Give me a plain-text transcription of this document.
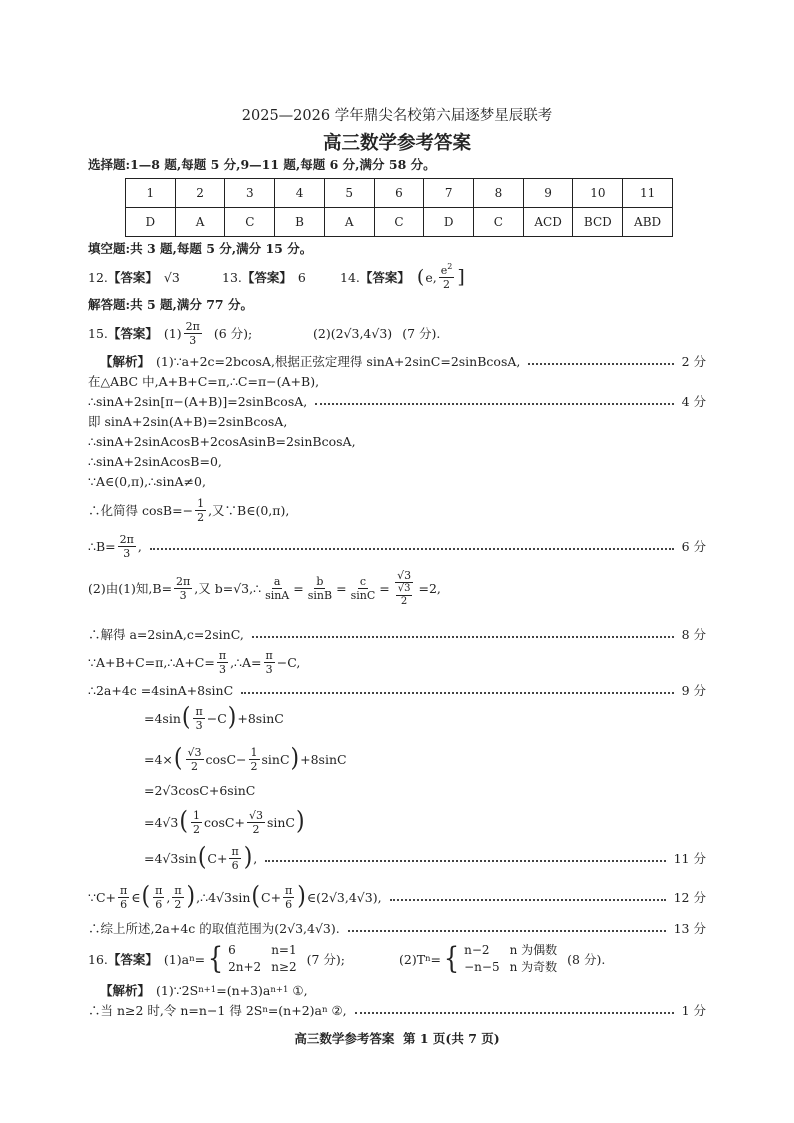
2025—2026 学年鼎尖名校第六届逐梦星辰联考
高三数学参考答案
选择题:1—8 题,每题 5 分,9—11 题,每题 6 分,满分 58 分。
1	2	3	4	5	6	7	8	9	10	11
D	A	C	B	A	C	D	C	ACD	BCD	ABD
填空题:共 3 题,每题 5 分,满分 15 分。
12. 【答案】 √3	13. 【答案】 6	14. 【答案】 ( e, $\frac{e^2}{2}$ ]
解答题:共 5 题,满分 77 分。
15. 【答案】 $(1) \frac{2\pi}{3} (6$ 分);	(2)(2√3,4√3) (7 分).
【解析】 (1)∵a+2c=2bcosA,根据正弦定理得 sinA+2sinC=2sinBcosA,	2 分
在△ABC 中,A+B+C=π,∴C=π−(A+B),
∴sinA+2sin[π−(A+B)]=2sinBcosA,	4 分
即 sinA+2sin(A+B)=2sinBcosA,
∴sinA+2sinAcosB+2cosAsinB=2sinBcosA,
∴sinA+2sinAcosB=0,
∵A∈(0,π),∴sinA≠0,
∴化简得 $\cos B=- \frac{1}{2}$ ,又∵B∈(0,π),
∴B= $\frac{2\pi}{3}$ ,	6 分
(2)由(1)知$,B= \frac{2\pi}{3}$ ,又 b=√3,∴ $\frac{a}{\sin A} = \frac{b}{\sin B} = \frac{c}{\sin C} = \frac{√3}{\frac{√3}{2}} =2$,
∴解得 a=2sinA,c=2sinC,	8 分
∵A+B+C=π,∴A+C= $\frac{\pi}{3}$ ,∴A= $\frac{\pi}{3} -C$,
∴2a+4c =4sinA+8sinC	9 分
=4sin ( $\frac{\pi}{3} -C$ ) +8sinC
=4× ( $\frac{√3}{2} \cos C- \frac{1}{2}$ sinC ) +8sinC
=2√3cosC+6sinC
=4√3 ( $\frac{1}{2} \cos C+ \frac{√3}{2}$ sinC )
=4√3sin ( $C+ \frac{\pi}{6}$ ) ,	11 分
∵C+ $\frac{\pi}{6}$ ∈ ( $\frac{\pi}{6}$ , $\frac{\pi}{2}$ ) ,∴4√3sin ( $C+ \frac{\pi}{6}$ ) ∈(2√3,4√3),	12 分
∴综上所述,2a+4c 的取值范围为(2√3,4√3).	13 分
16. 【答案】 (1)a n = { 6	n=1
2n+2 n≥2 (7 分);	(2)T n = { n−2	n 为偶数
−n−5 n 为奇数 (8 分).
【解析】 (1)∵2S n+1 =(n+3)a n+1 ①,
∴当 n≥2 时,令 n=n−1 得 2S n =(n+2)a n ②,	1 分
高三数学参考答案  第 1 页(共 7 页)
